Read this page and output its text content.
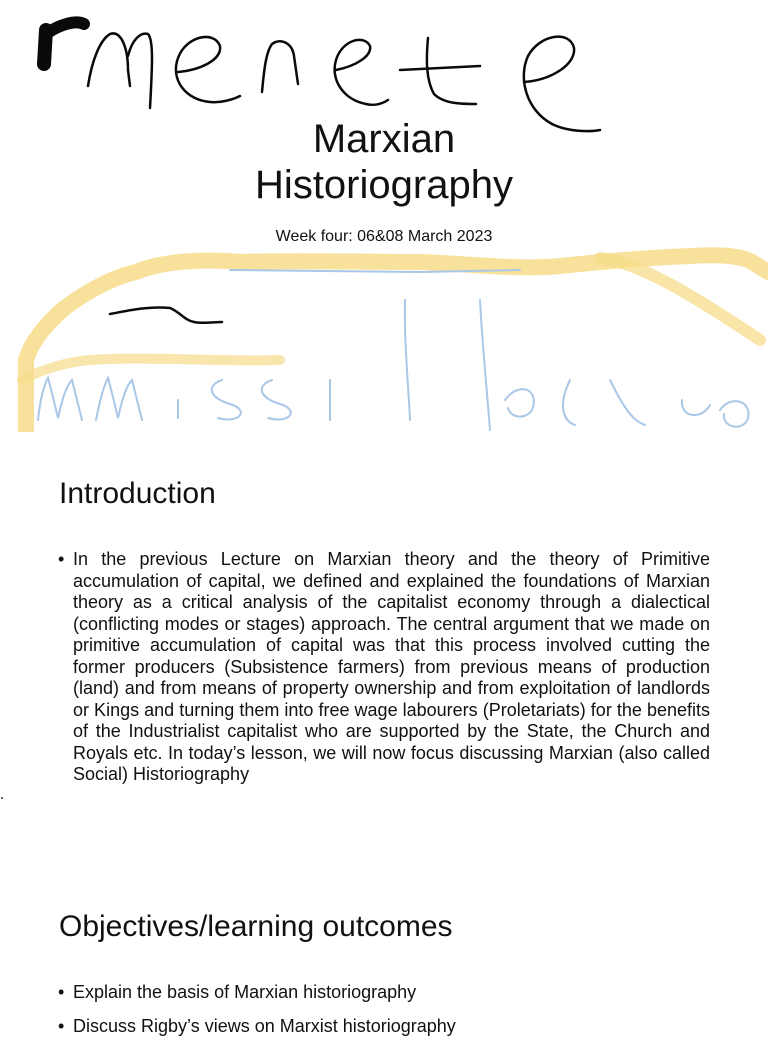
Marxian
Historiography
Week four: 06&08 March 2023
Introduction
• In the previous Lecture on Marxian theory and the theory of Primitive accumulation of capital, we defined and explained the foundations of Marxian theory as a critical analysis of the capitalist economy through a dialectical (conflicting modes or stages) approach. The central argument that we made on primitive accumulation of capital was that this process involved cutting the former producers (Subsistence farmers) from previous means of production (land) and from means of property ownership and from exploitation of landlords or Kings and turning them into free wage labourers (Proletariats) for the benefits of the Industrialist capitalist who are supported by the State, the Church and Royals etc. In today’s lesson, we will now focus discussing Marxian (also called Social) Historiography
Objectives/learning outcomes
• Explain the basis of Marxian historiography
• Discuss Rigby’s views on Marxist historiography
